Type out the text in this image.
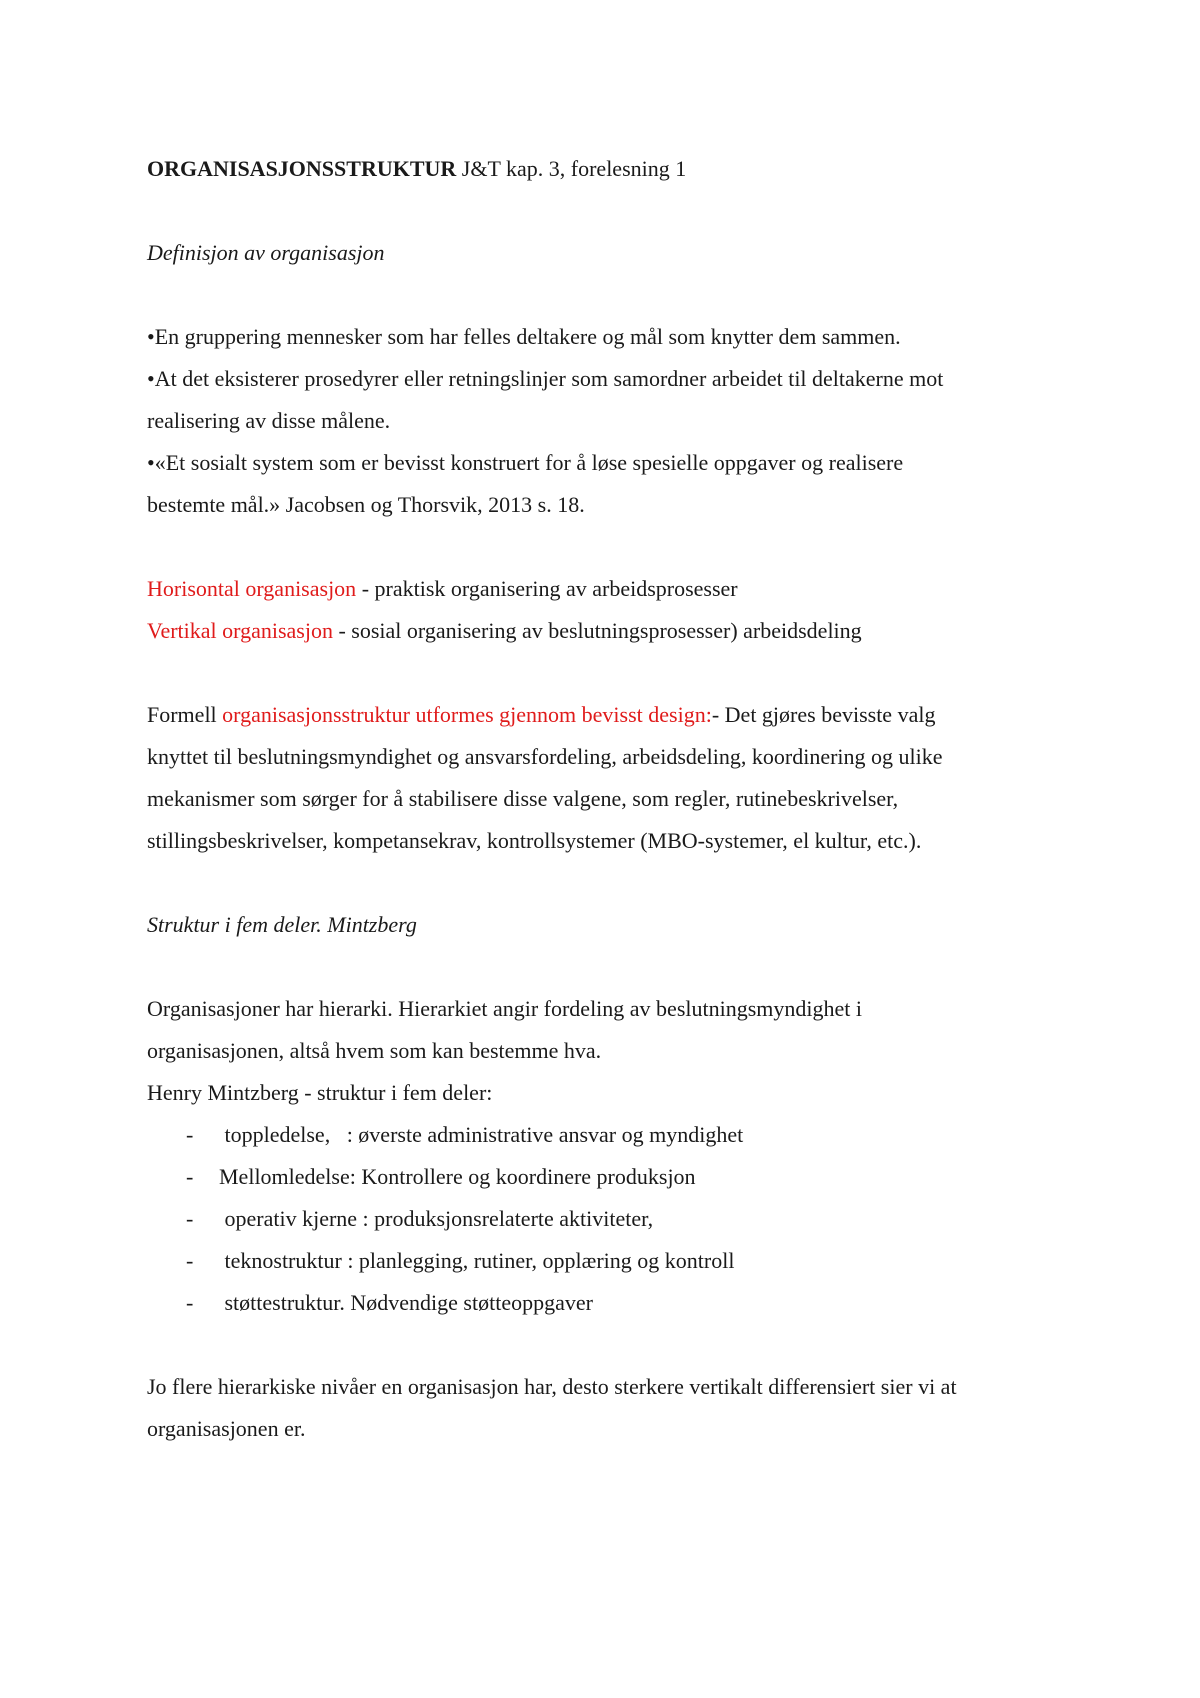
ORGANISASJONSSTRUKTUR J&T kap. 3, forelesning 1
Definisjon av organisasjon
•En gruppering mennesker som har felles deltakere og mål som knytter dem sammen.
•At det eksisterer prosedyrer eller retningslinjer som samordner arbeidet til deltakerne mot
realisering av disse målene.
•«Et sosialt system som er bevisst konstruert for å løse spesielle oppgaver og realisere
bestemte mål.» Jacobsen og Thorsvik, 2013 s. 18.
Horisontal organisasjon - praktisk organisering av arbeidsprosesser
Vertikal organisasjon - sosial organisering av beslutningsprosesser) arbeidsdeling
Formell organisasjonsstruktur utformes gjennom bevisst design:- Det gjøres bevisste valg
knyttet til beslutningsmyndighet og ansvarsfordeling, arbeidsdeling, koordinering og ulike
mekanismer som sørger for å stabilisere disse valgene, som regler, rutinebeskrivelser,
stillingsbeskrivelser, kompetansekrav, kontrollsystemer (MBO-systemer, el kultur, etc.).
Struktur i fem deler. Mintzberg
Organisasjoner har hierarki. Hierarkiet angir fordeling av beslutningsmyndighet i
organisasjonen, altså hvem som kan bestemme hva.
Henry Mintzberg - struktur i fem deler:
- toppledelse,   : øverste administrative ansvar og myndighet
- Mellomledelse: Kontrollere og koordinere produksjon
- operativ kjerne : produksjonsrelaterte aktiviteter,
- teknostruktur : planlegging, rutiner, opplæring og kontroll
- støttestruktur. Nødvendige støtteoppgaver
Jo flere hierarkiske nivåer en organisasjon har, desto sterkere vertikalt differensiert sier vi at
organisasjonen er.
